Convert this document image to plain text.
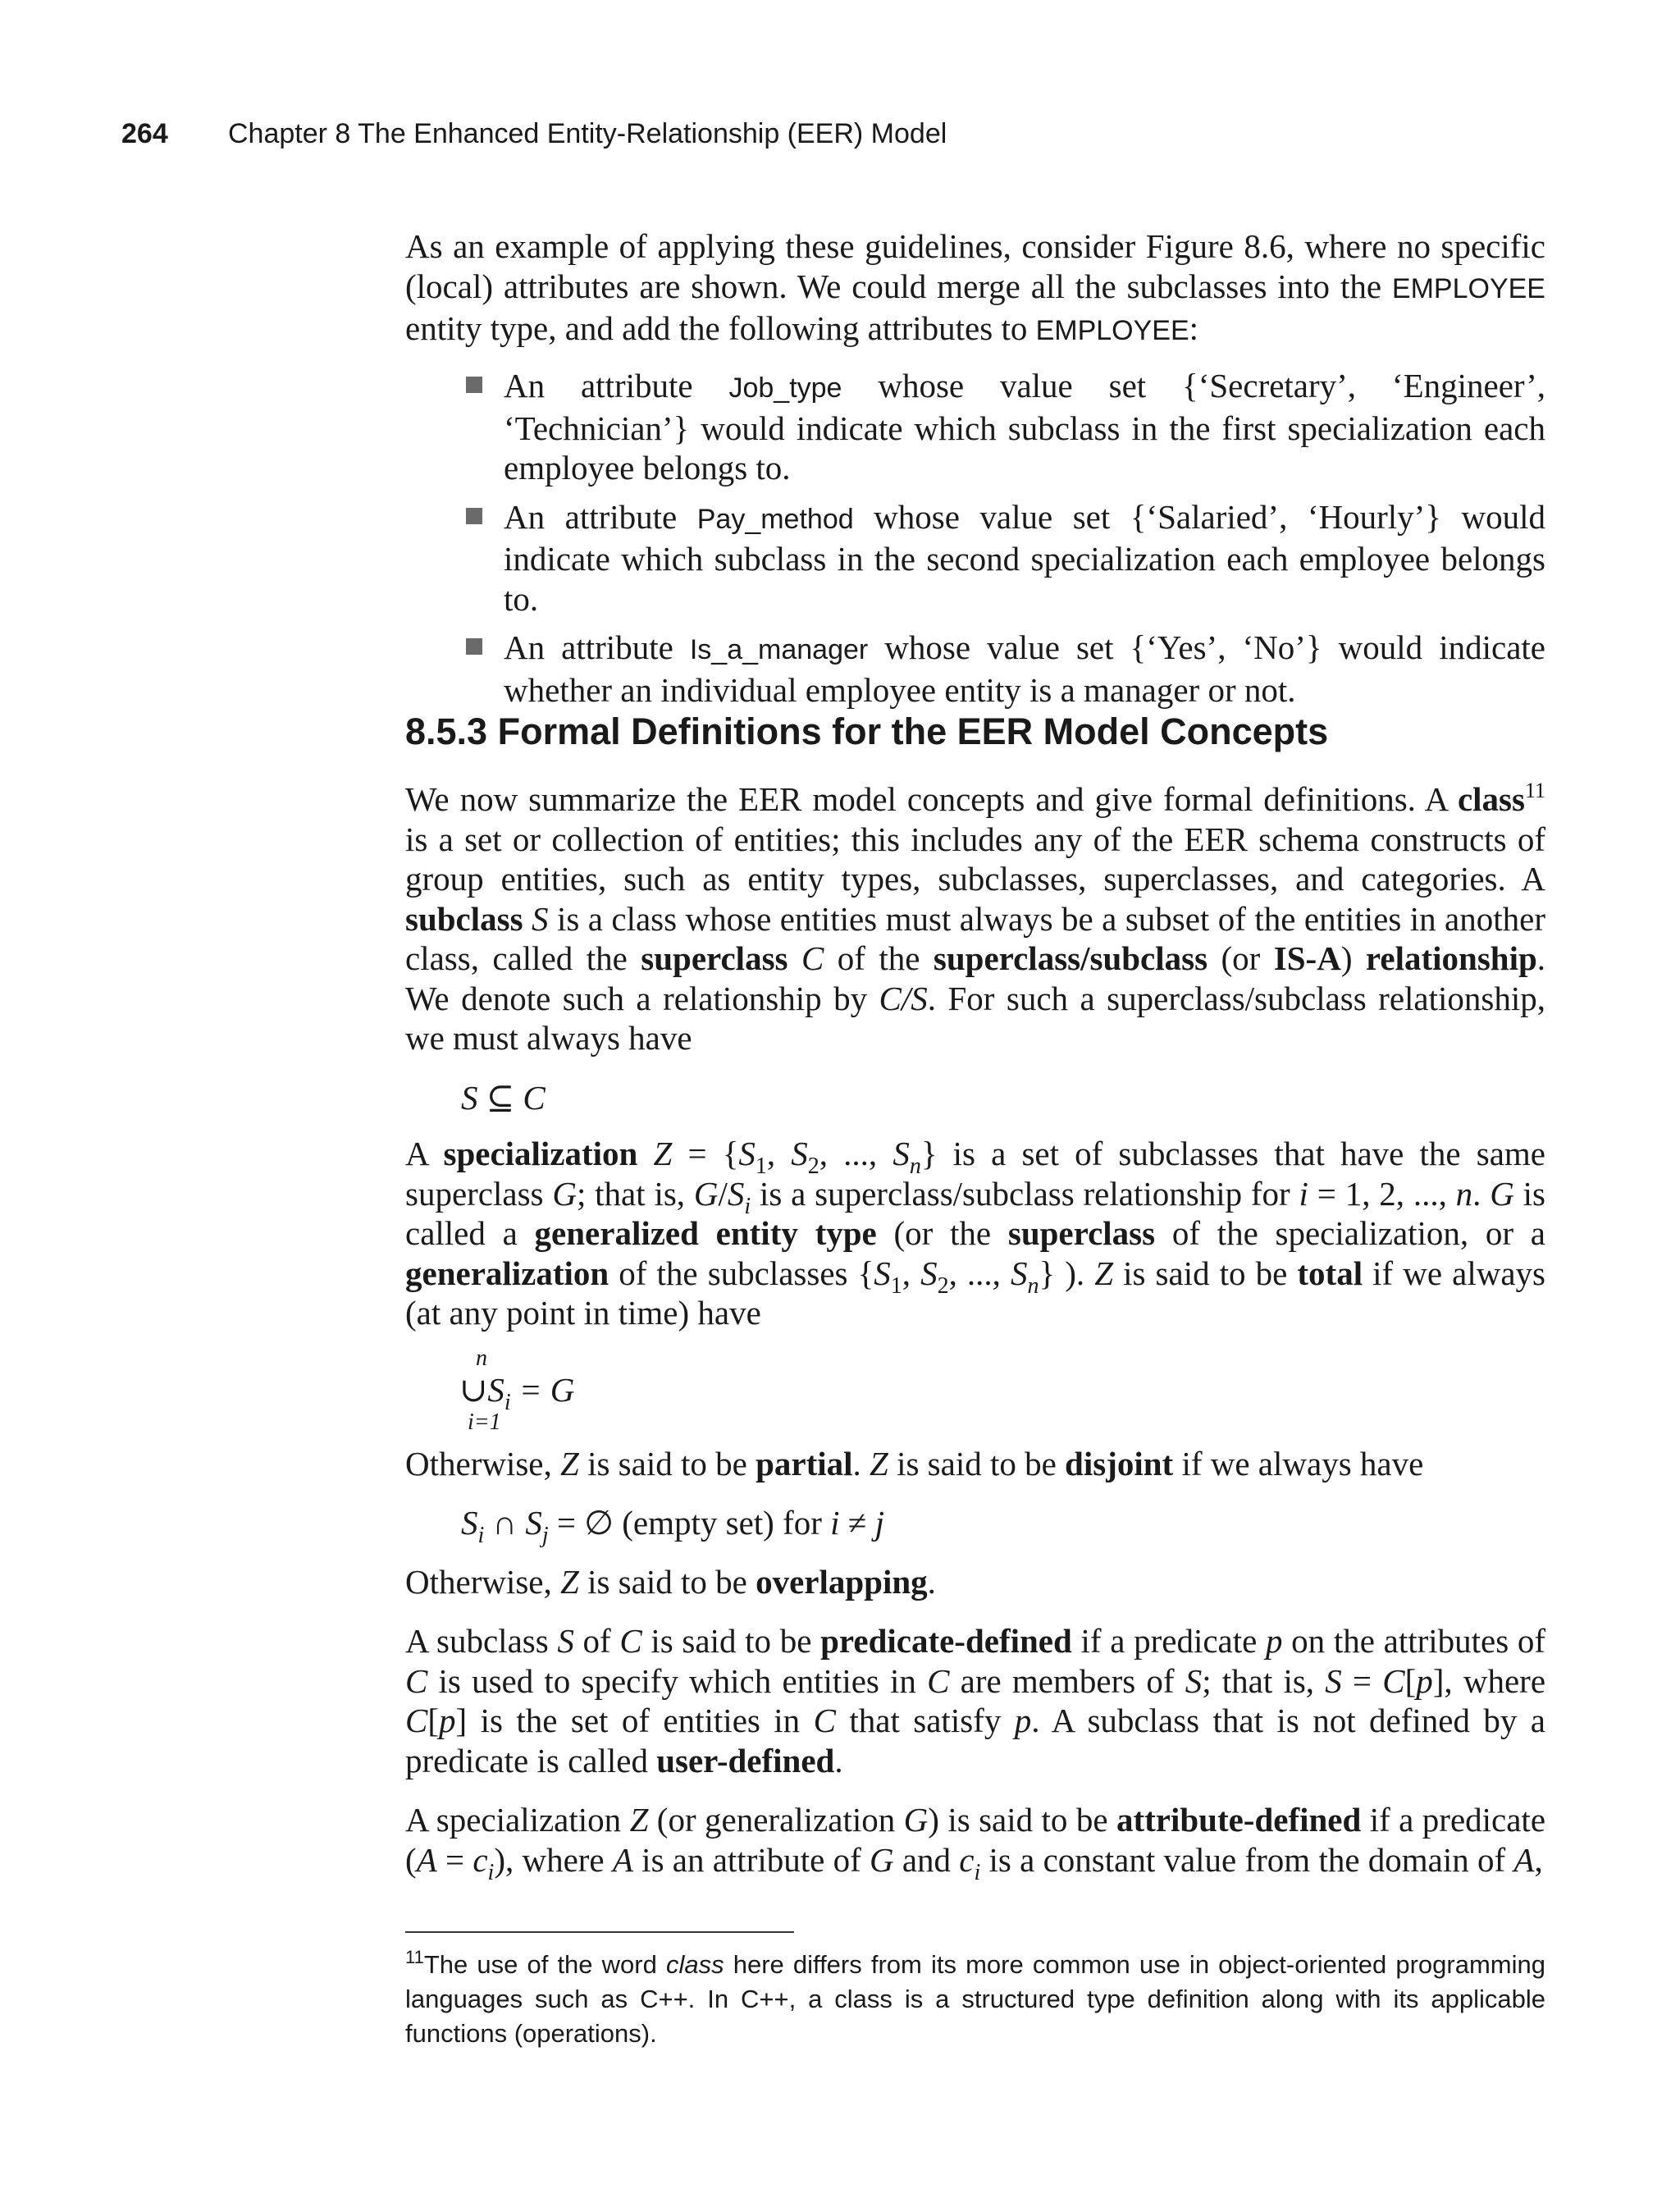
264 Chapter 8 The Enhanced Entity-Relationship (EER) Model

As an example of applying these guidelines, consider Figure 8.6, where no specific (local) attributes are shown. We could merge all the subclasses into the EMPLOYEE entity type, and add the following attributes to EMPLOYEE:

An attribute Job_type whose value set {‘Secretary’, ‘Engineer’, ‘Technician’} would indicate which subclass in the first specialization each employee belongs to.
An attribute Pay_method whose value set {‘Salaried’, ‘Hourly’} would indicate which subclass in the second specialization each employee belongs to.
An attribute Is_a_manager whose value set {‘Yes’, ‘No’} would indicate whether an individual employee entity is a manager or not.
8.5.3 Formal Definitions for the EER Model Concepts

We now summarize the EER model concepts and give formal definitions. A class$^{11}$ is a set or collection of entities; this includes any of the EER schema constructs of group entities, such as entity types, subclasses, superclasses, and categories. A subclass S is a class whose entities must always be a subset of the entities in another class, called the superclass C of the superclass/subclass (or IS-A) relationship. We denote such a relationship by C/S. For such a superclass/subclass relationship, we must always have

S ⊆ C

A specialization $Z = \{S_1$, $S_2$, ..., $S_n$} is a set of subclasses that have the same superclass G; that is, $G/S_i$ is a superclass/subclass relationship for i = 1, 2, ..., n. G is called a generalized entity type (or the superclass of the specialization, or a generalization of the subclasses {$S_1$, $S_2$, ..., $S_n$} ). Z is said to be total if we always (at any point in time) have

n
$\cup S_i = G$
i=1

Otherwise, Z is said to be partial. Z is said to be disjoint if we always have

$S_i$ ∩ $S_j$ = ∅ (empty set) for i ≠ j

Otherwise, Z is said to be overlapping.

A subclass S of C is said to be predicate-defined if a predicate p on the attributes of C is used to specify which entities in C are members of S; that is, S = C[p], where C[p] is the set of entities in C that satisfy p. A subclass that is not defined by a predicate is called user-defined.

A specialization Z (or generalization G) is said to be attribute-defined if a predicate $(A = c_i)$, where A is an attribute of G and $c_i$ is a constant value from the domain of A,

$^{11}$The use of the word class here differs from its more common use in object-oriented programming languages such as C++. In C++, a class is a structured type definition along with its applicable functions (operations).
